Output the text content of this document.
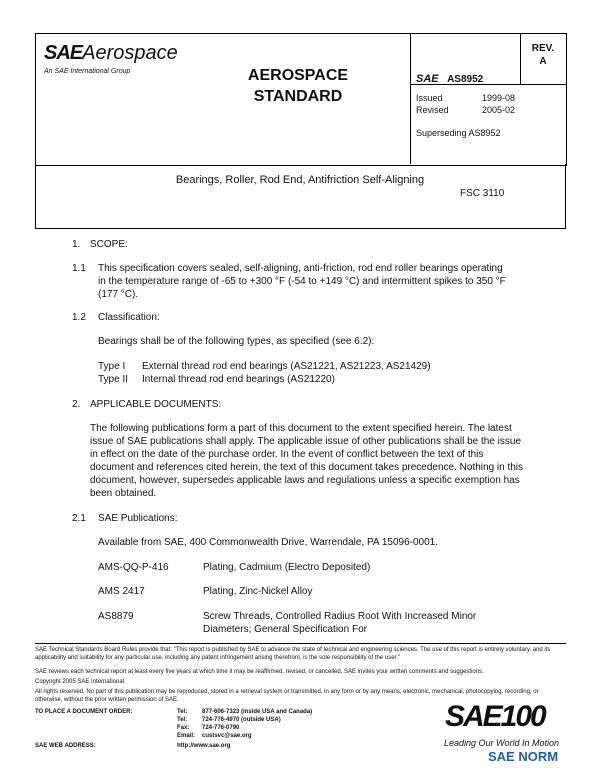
SAEAerospace
An SAE International Group	AEROSPACE
STANDARD
SAE AS8952
REV.
A
Issued	1999-08
Revised	2005-02
Superseding AS8952
Bearings, Roller, Rod End, Antifriction Self-Aligning
FSC 3110
1. SCOPE:
1.1 This specification covers sealed, self-aligning, anti-friction, rod end roller bearings operating in the temperature range of -65 to +300 °F (-54 to +149 °C) and intermittent spikes to 350 °F (177 °C).
1.2 Classification:
Bearings shall be of the following types, as specified (see 6.2):
Type I External thread rod end bearings (AS21221, AS21223, AS21429)
Type II Internal thread rod end bearings (AS21220)
2. APPLICABLE DOCUMENTS:
The following publications form a part of this document to the extent specified herein. The latest issue of SAE publications shall apply. The applicable issue of other publications shall be the issue in effect on the date of the purchase order. In the event of conflict between the text of this document and references cited herein, the text of this document takes precedence. Nothing in this document, however, supersedes applicable laws and regulations unless a specific exemption has been obtained.
2.1 SAE Publications:
Available from SAE, 400 Commonwealth Drive, Warrendale, PA 15096-0001.
AMS-QQ-P-416	Plating, Cadmium (Electro Deposited)
AMS 2417	Plating, Zinc-Nickel Alloy
AS8879	Screw Threads, Controlled Radius Root With Increased Minor Diameters; General Specification For
SAE Technical Standards Board Rules provide that: "This report is published by SAE to advance the state of technical and engineering sciences. The use of this report is entirely voluntary, and its applicability and suitability for any particular use, including any patent infringement arising therefrom, is the sole responsibility of the user."
SAE reviews each technical report at least every five years at which time it may be reaffirmed, revised, or cancelled. SAE invites your written comments and suggestions.
Copyright 2005 SAE International
All rights reserved. No part of this publication may be reproduced, stored in a retrieval system or transmitted, in any form or by any means, electronic, mechanical, photocopying, recording, or otherwise, without the prior written permission of SAE.
TO PLACE A DOCUMENT ORDER:	Tel: 877-606-7323 (inside USA and Canada)
Tel: 724-776-4970 (outside USA)
Fax: 724-776-0790
Email: custsvc@sae.org
SAE WEB ADDRESS:	http://www.sae.org
SAE100
Leading Our World In Motion
SAE NORM
